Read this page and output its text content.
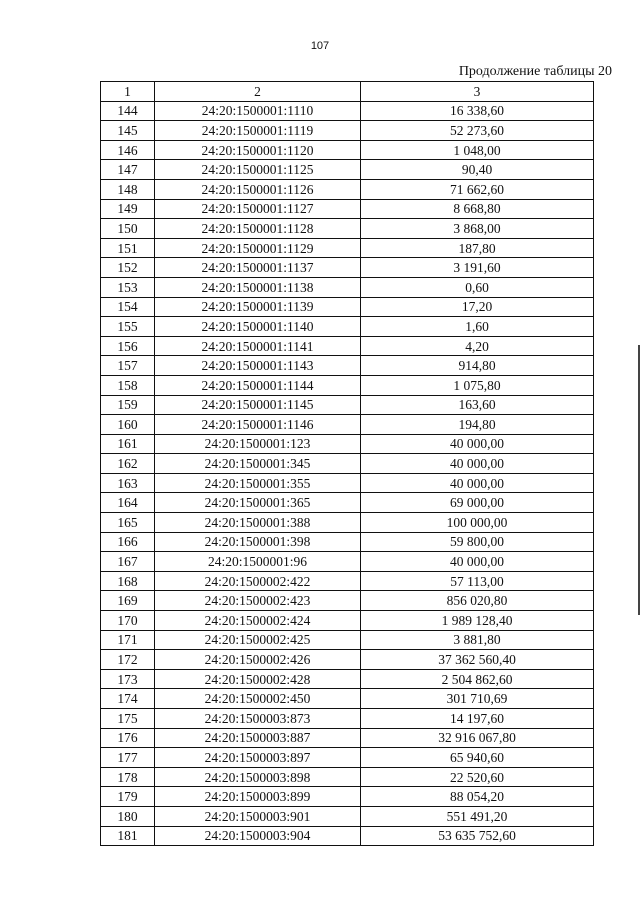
107
Продолжение таблицы 20
1	2	3
144	24:20:1500001:1110	16 338,60
145	24:20:1500001:1119	52 273,60
146	24:20:1500001:1120	1 048,00
147	24:20:1500001:1125	90,40
148	24:20:1500001:1126	71 662,60
149	24:20:1500001:1127	8 668,80
150	24:20:1500001:1128	3 868,00
151	24:20:1500001:1129	187,80
152	24:20:1500001:1137	3 191,60
153	24:20:1500001:1138	0,60
154	24:20:1500001:1139	17,20
155	24:20:1500001:1140	1,60
156	24:20:1500001:1141	4,20
157	24:20:1500001:1143	914,80
158	24:20:1500001:1144	1 075,80
159	24:20:1500001:1145	163,60
160	24:20:1500001:1146	194,80
161	24:20:1500001:123	40 000,00
162	24:20:1500001:345	40 000,00
163	24:20:1500001:355	40 000,00
164	24:20:1500001:365	69 000,00
165	24:20:1500001:388	100 000,00
166	24:20:1500001:398	59 800,00
167	24:20:1500001:96	40 000,00
168	24:20:1500002:422	57 113,00
169	24:20:1500002:423	856 020,80
170	24:20:1500002:424	1 989 128,40
171	24:20:1500002:425	3 881,80
172	24:20:1500002:426	37 362 560,40
173	24:20:1500002:428	2 504 862,60
174	24:20:1500002:450	301 710,69
175	24:20:1500003:873	14 197,60
176	24:20:1500003:887	32 916 067,80
177	24:20:1500003:897	65 940,60
178	24:20:1500003:898	22 520,60
179	24:20:1500003:899	88 054,20
180	24:20:1500003:901	551 491,20
181	24:20:1500003:904	53 635 752,60
